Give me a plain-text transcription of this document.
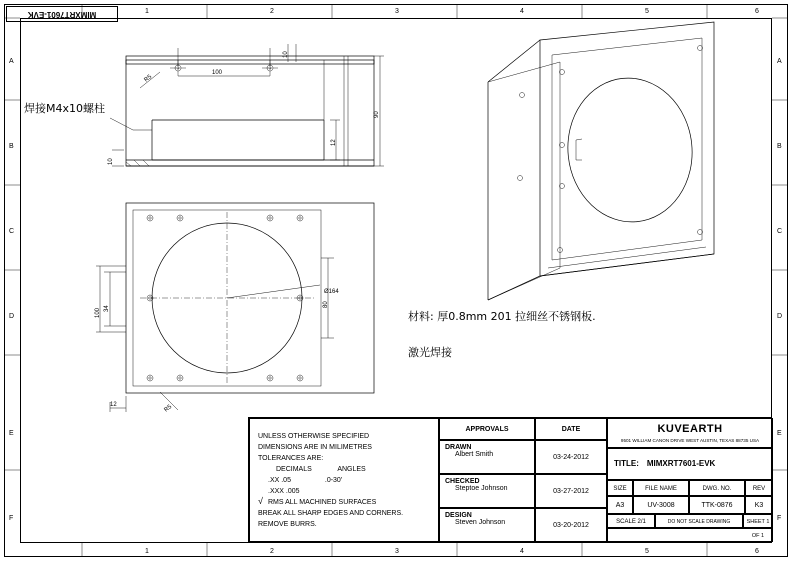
MIMXRT7601-EVK
1	2	3	4	5	6
1	2	3	4	5	6
A
B
C
D
E
F
A
B
C
D
E
F
R5
100
10
90
12
10
Ø164
34
100
80
12	R5
焊接M4x10螺柱
材料: 厚0.8mm 201 拉细丝不锈钢板.
激光焊接
UNLESS OTHERWISE SPECIFIED
DIMENSIONS ARE IN MILIMETRES
TOLERANCES ARE:
DECIMALS	ANGLES
.XX .05	.0-30'
.XXX .005
√ RMS ALL MACHINED SURFACES
BREAK ALL SHARP EDGES AND CORNERS.
REMOVE BURRS.
APPROVALS	DATE
DRAWN
Albert Smith	03-24-2012
CHECKED
Steptoe Johnson	03-27-2012
DESIGN
Steven Johnson	03-20-2012
KUVEARTH
9501 WILLIAM CANON DRIVE WEST AUSTIN, TEXAS 88735 USA
TITLE: MIMXRT7601-EVK
SIZE	FILE NAME	DWG. NO.	REV
A3	UV-3008	TTK-0876	K3
SCALE 2/1	DO NOT SCALE DRAWING	SHEET 1 OF 1
